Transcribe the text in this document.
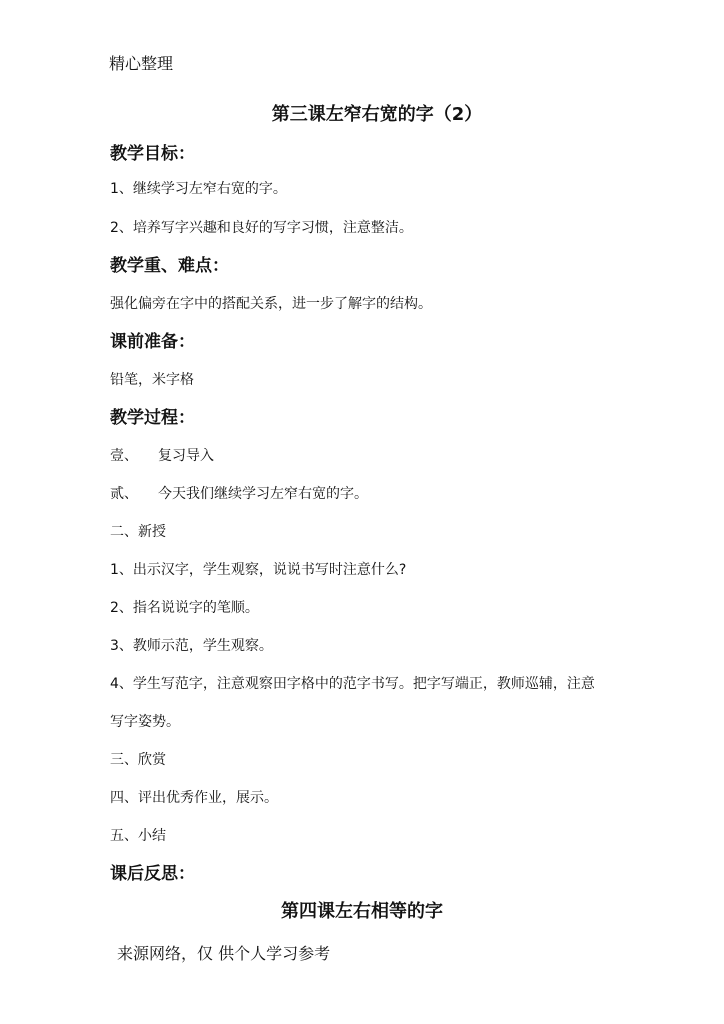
精心整理
第三课左窄右宽的字（2）
教学目标：
1、继续学习左窄右宽的字。
2、培养写字兴趣和良好的写字习惯，注意整洁。
教学重、难点：
强化偏旁在字中的搭配关系，进一步了解字的结构。
课前准备：
铅笔，米字格
教学过程：
壹、 复习导入
贰、 今天我们继续学习左窄右宽的字。
二、新授
1、出示汉字，学生观察，说说书写时注意什么?
2、指名说说字的笔顺。
3、教师示范，学生观察。
4、学生写范字，注意观察田字格中的范字书写。把字写端正，教师巡辅，注意
写字姿势。
三、欣赏
四、评出优秀作业，展示。
五、小结
课后反思：
第四课左右相等的字
来源网络，仅 供个人学习参考
